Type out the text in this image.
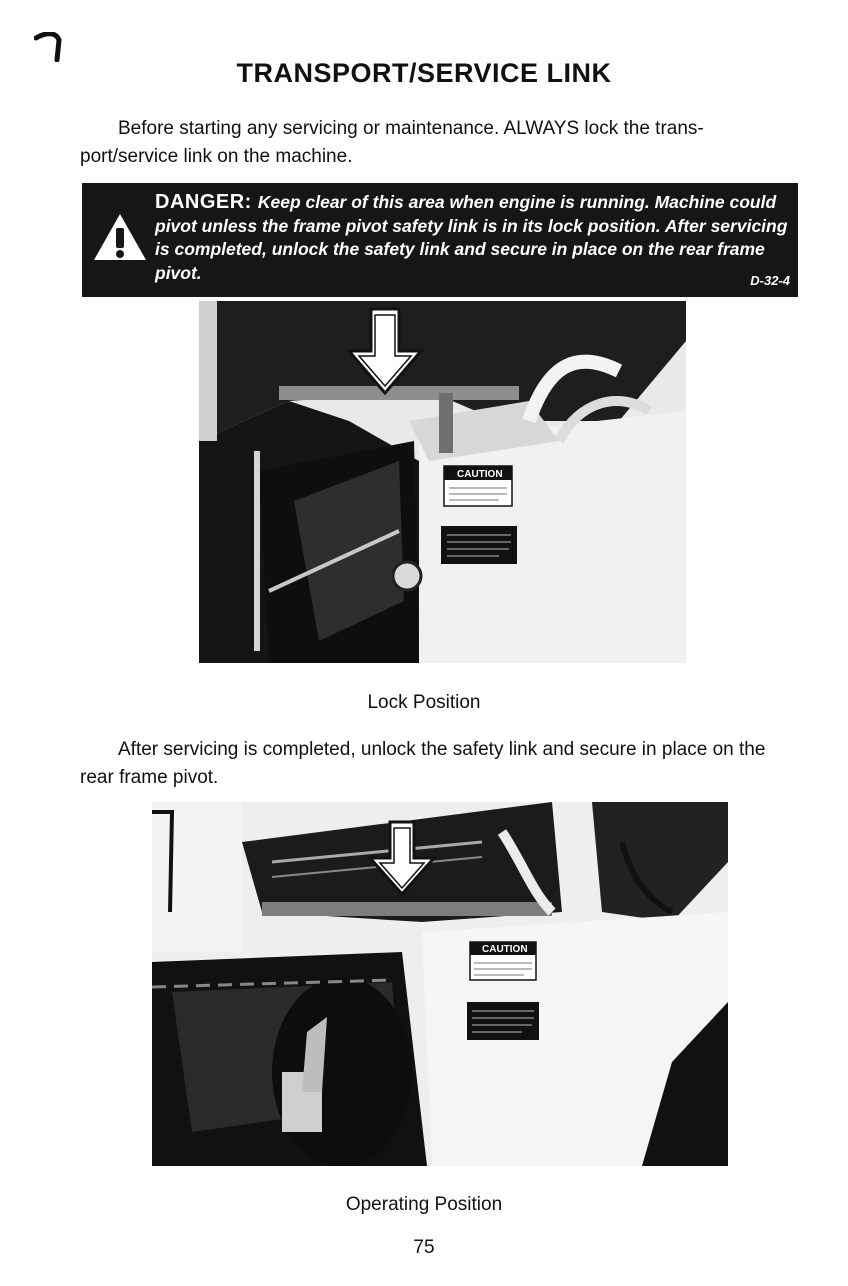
TRANSPORT/SERVICE LINK
Before starting any servicing or maintenance. ALWAYS lock the trans-port/service link on the machine.
DANGER: Keep clear of this area when engine is running. Machine could pivot unless the frame pivot safety link is in its lock position. After servicing is completed, unlock the safety link and secure in place on the rear frame pivot.	D-32-4
CAUTION
Lock Position
After servicing is completed, unlock the safety link and secure in place on the rear frame pivot.
CAUTION
Operating Position
75
